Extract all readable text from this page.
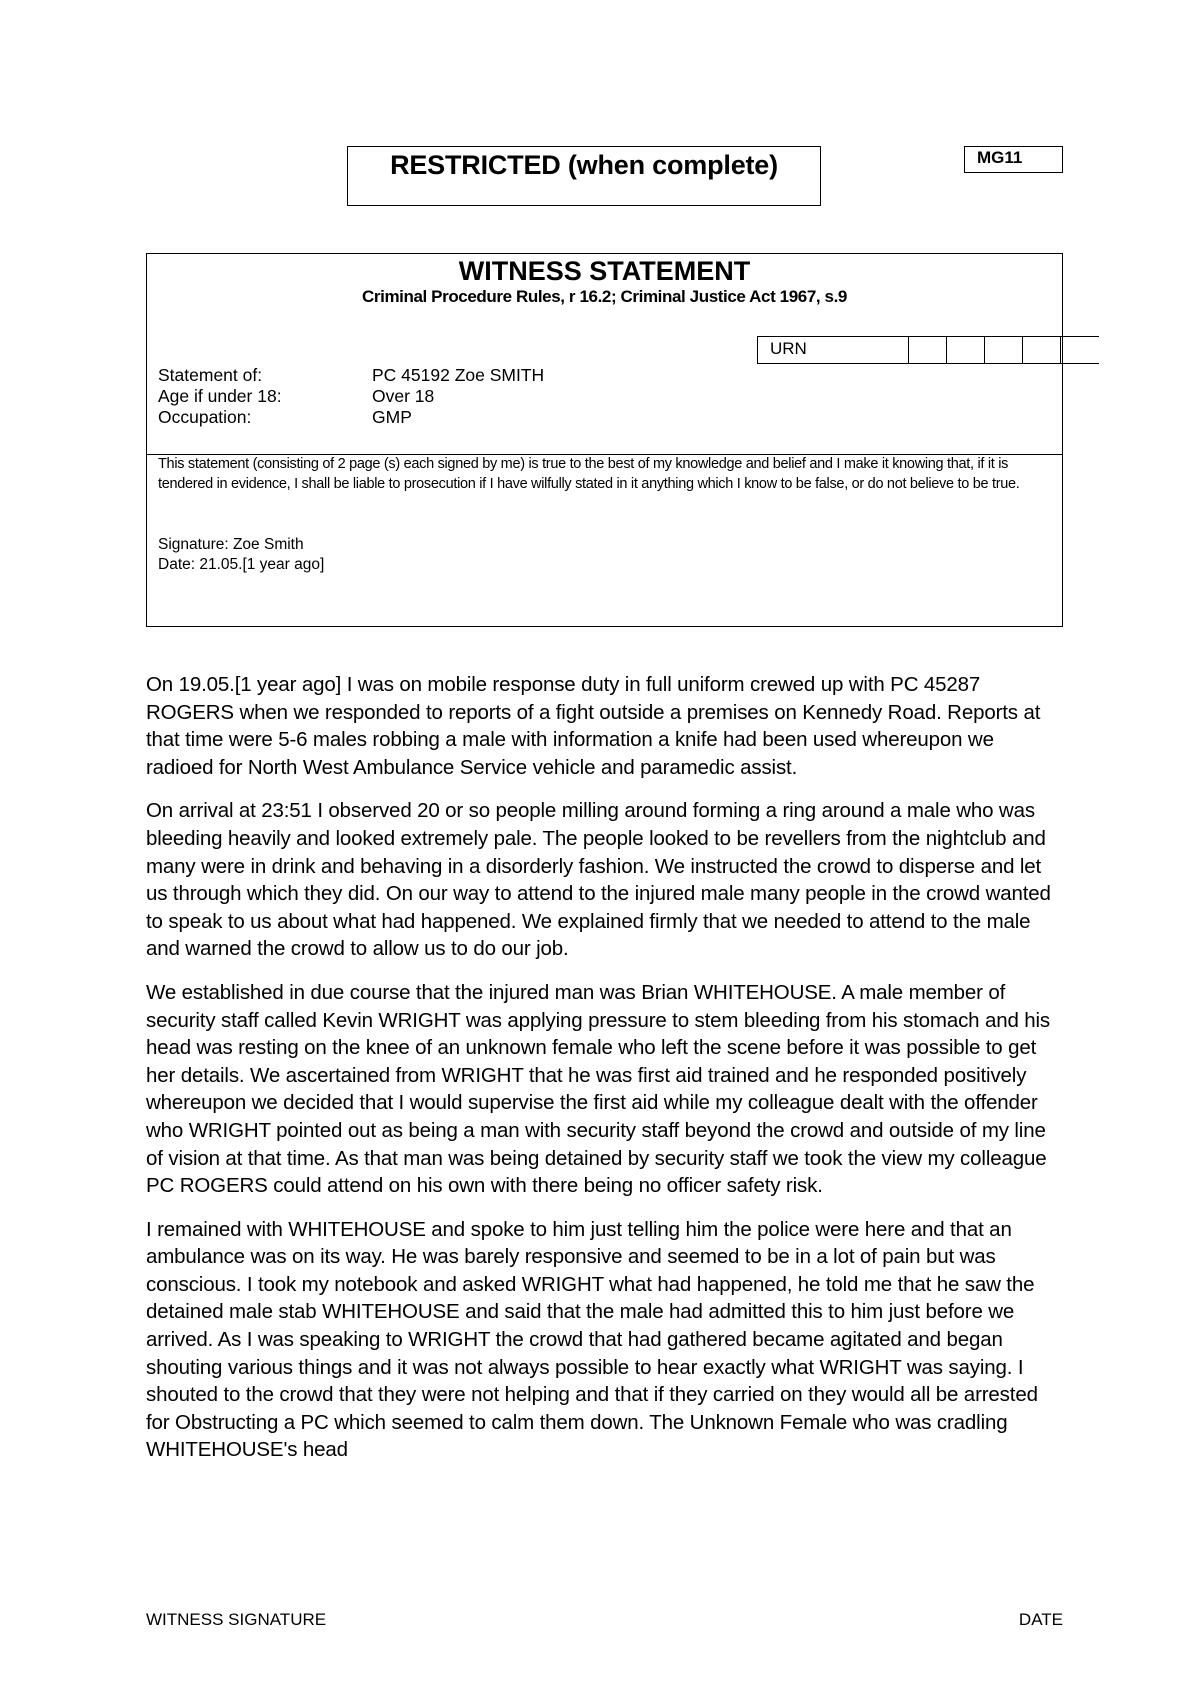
RESTRICTED (when complete)	MG11
WITNESS STATEMENT
Criminal Procedure Rules, r 16.2; Criminal Justice Act 1967, s.9
URN
Statement of:	PC 45192 Zoe SMITH
Age if under 18:	Over 18
Occupation:	GMP
This statement (consisting of 2 page (s) each signed by me) is true to the best of my knowledge and belief and I make it knowing that, if it is tendered in evidence, I shall be liable to prosecution if I have wilfully stated in it anything which I know to be false, or do not believe to be true.
Signature: Zoe Smith
Date: 21.05.[1 year ago]

On 19.05.[1 year ago] I was on mobile response duty in full uniform crewed up with PC 45287 ROGERS when we responded to reports of a fight outside a premises on Kennedy Road. Reports at that time were 5-6 males robbing a male with information a knife had been used whereupon we radioed for North West Ambulance Service vehicle and paramedic assist.

On arrival at 23:51 I observed 20 or so people milling around forming a ring around a male who was bleeding heavily and looked extremely pale. The people looked to be revellers from the nightclub and many were in drink and behaving in a disorderly fashion. We instructed the crowd to disperse and let us through which they did. On our way to attend to the injured male many people in the crowd wanted to speak to us about what had happened. We explained firmly that we needed to attend to the male and warned the crowd to allow us to do our job.

We established in due course that the injured man was Brian WHITEHOUSE. A male member of security staff called Kevin WRIGHT was applying pressure to stem bleeding from his stomach and his head was resting on the knee of an unknown female who left the scene before it was possible to get her details. We ascertained from WRIGHT that he was first aid trained and he responded positively whereupon we decided that I would supervise the first aid while my colleague dealt with the offender who WRIGHT pointed out as being a man with security staff beyond the crowd and outside of my line of vision at that time. As that man was being detained by security staff we took the view my colleague PC ROGERS could attend on his own with there being no officer safety risk.

I remained with WHITEHOUSE and spoke to him just telling him the police were here and that an ambulance was on its way. He was barely responsive and seemed to be in a lot of pain but was conscious. I took my notebook and asked WRIGHT what had happened, he told me that he saw the detained male stab WHITEHOUSE and said that the male had admitted this to him just before we arrived. As I was speaking to WRIGHT the crowd that had gathered became agitated and began shouting various things and it was not always possible to hear exactly what WRIGHT was saying. I shouted to the crowd that they were not helping and that if they carried on they would all be arrested for Obstructing a PC which seemed to calm them down. The Unknown Female who was cradling WHITEHOUSE's head

WITNESS SIGNATURE	DATE
